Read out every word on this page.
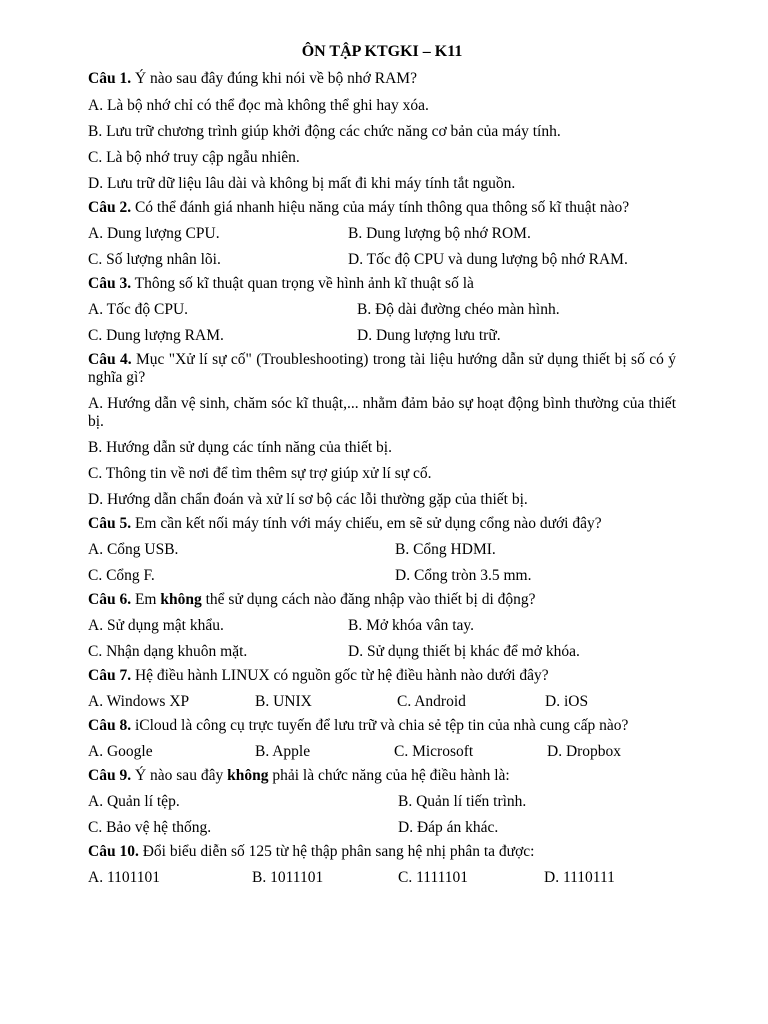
ÔN TẬP KTGKI – K11
Câu 1. Ý nào sau đây đúng khi nói về bộ nhớ RAM?
A. Là bộ nhớ chỉ có thể đọc mà không thể ghi hay xóa.
B. Lưu trữ chương trình giúp khởi động các chức năng cơ bản của máy tính.
C. Là bộ nhớ truy cập ngẫu nhiên.
D. Lưu trữ dữ liệu lâu dài và không bị mất đi khi máy tính tắt nguồn.
Câu 2. Có thể đánh giá nhanh hiệu năng của máy tính thông qua thông số kĩ thuật nào?
A. Dung lượng CPU.	B. Dung lượng bộ nhớ ROM.
C. Số lượng nhân lõi.	D. Tốc độ CPU và dung lượng bộ nhớ RAM.
Câu 3. Thông số kĩ thuật quan trọng về hình ảnh kĩ thuật số là
A. Tốc độ CPU.	B. Độ dài đường chéo màn hình.
C. Dung lượng RAM.	D. Dung lượng lưu trữ.
Câu 4. Mục "Xử lí sự cố" (Troubleshooting) trong tài liệu hướng dẫn sử dụng thiết bị số có ý nghĩa gì?
A. Hướng dẫn vệ sinh, chăm sóc kĩ thuật,... nhằm đảm bảo sự hoạt động bình thường của thiết bị.
B. Hướng dẫn sử dụng các tính năng của thiết bị.
C. Thông tin về nơi để tìm thêm sự trợ giúp xử lí sự cố.
D. Hướng dẫn chẩn đoán và xử lí sơ bộ các lỗi thường gặp của thiết bị.
Câu 5. Em cần kết nối máy tính với máy chiếu, em sẽ sử dụng cổng nào dưới đây?
A. Cổng USB.	B. Cổng HDMI.
C. Cổng F.	D. Cổng tròn 3.5 mm.
Câu 6. Em không thể sử dụng cách nào đăng nhập vào thiết bị di động?
A. Sử dụng mật khẩu.	B. Mở khóa vân tay.
C. Nhận dạng khuôn mặt.	D. Sử dụng thiết bị khác để mở khóa.
Câu 7. Hệ điều hành LINUX có nguồn gốc từ hệ điều hành nào dưới đây?
A. Windows XP	B. UNIX	C. Android	D. iOS
Câu 8. iCloud là công cụ trực tuyến để lưu trữ và chia sẻ tệp tin của nhà cung cấp nào?
A. Google	B. Apple	C. Microsoft	D. Dropbox
Câu 9. Ý nào sau đây không phải là chức năng của hệ điều hành là:
A. Quản lí tệp.	B. Quản lí tiến trình.
C. Bảo vệ hệ thống.	D. Đáp án khác.
Câu 10. Đổi biểu diễn số 125 từ hệ thập phân sang hệ nhị phân ta được:
A. 1101101	B. 1011101	C. 1111101	D. 1110111
